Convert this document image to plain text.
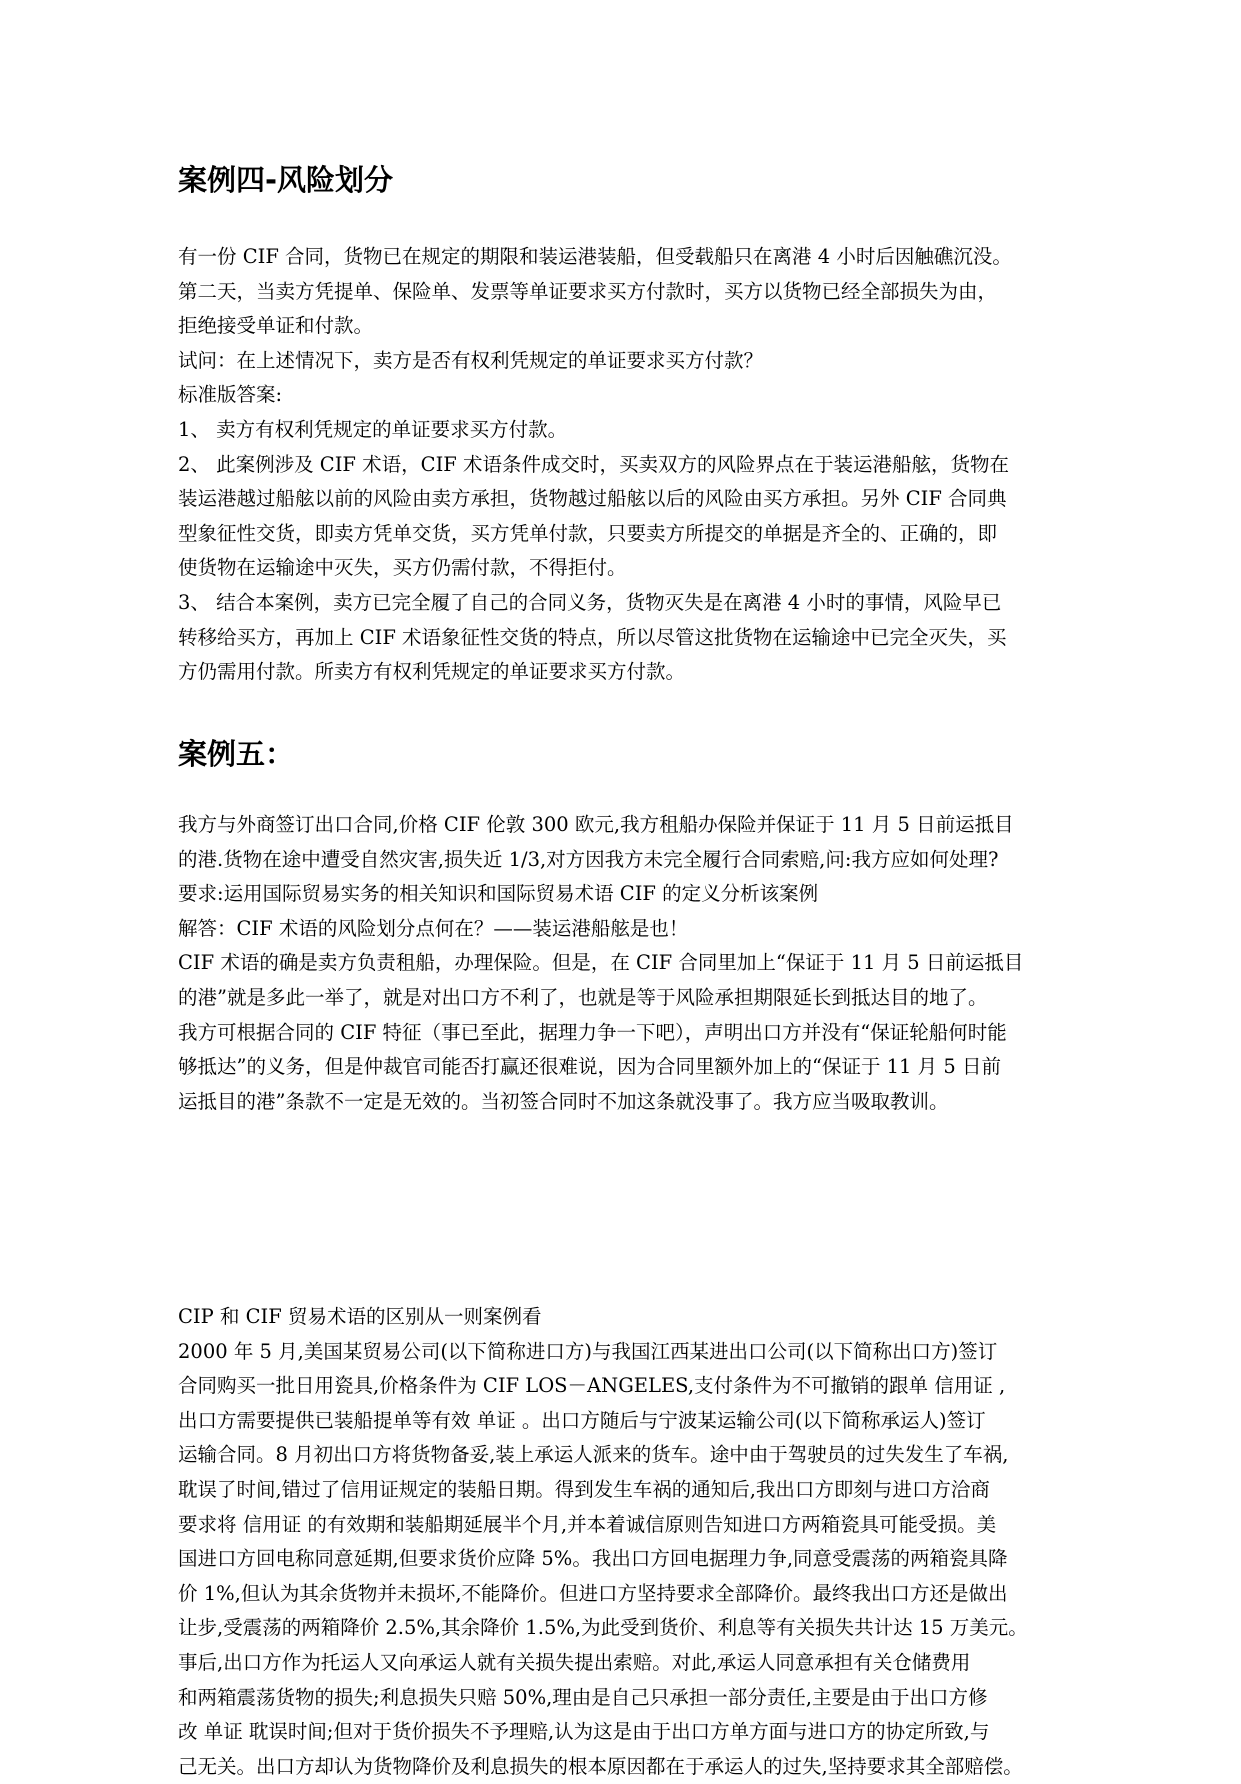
案例四-风险划分

有一份 CIF 合同，货物已在规定的期限和装运港装船，但受载船只在离港 4 小时后因触礁沉没。

第二天，当卖方凭提单、保险单、发票等单证要求买方付款时，买方以货物已经全部损失为由，

拒绝接受单证和付款。

试问：在上述情况下，卖方是否有权利凭规定的单证要求买方付款？

标准版答案:

1、 卖方有权利凭规定的单证要求买方付款。

2、 此案例涉及 CIF 术语，CIF 术语条件成交时，买卖双方的风险界点在于装运港船舷，货物在

装运港越过船舷以前的风险由卖方承担，货物越过船舷以后的风险由买方承担。另外 CIF 合同典

型象征性交货，即卖方凭单交货，买方凭单付款，只要卖方所提交的单据是齐全的、正确的，即

使货物在运输途中灭失，买方仍需付款，不得拒付。

3、 结合本案例，卖方已完全履了自己的合同义务，货物灭失是在离港 4 小时的事情，风险早已

转移给买方，再加上 CIF 术语象征性交货的特点，所以尽管这批货物在运输途中已完全灭失，买

方仍需用付款。所卖方有权利凭规定的单证要求买方付款。

案例五：

我方与外商签订出口合同,价格 CIF 伦敦 300 欧元,我方租船办保险并保证于 11 月 5 日前运抵目

的港.货物在途中遭受自然灾害,损失近 1/3,对方因我方未完全履行合同索赔,问:我方应如何处理?

要求:运用国际贸易实务的相关知识和国际贸易术语 CIF 的定义分析该案例

解答：CIF 术语的风险划分点何在？——装运港船舷是也！

CIF 术语的确是卖方负责租船，办理保险。但是，在 CIF 合同里加上“保证于 11 月 5 日前运抵目

的港”就是多此一举了，就是对出口方不利了，也就是等于风险承担期限延长到抵达目的地了。

我方可根据合同的 CIF 特征（事已至此，据理力争一下吧），声明出口方并没有“保证轮船何时能

够抵达”的义务，但是仲裁官司能否打赢还很难说，因为合同里额外加上的“保证于 11 月 5 日前

运抵目的港”条款不一定是无效的。当初签合同时不加这条就没事了。我方应当吸取教训。

CIP 和 CIF 贸易术语的区别从一则案例看

2000 年 5 月,美国某贸易公司(以下简称进口方)与我国江西某进出口公司(以下简称出口方)签订

合同购买一批日用瓷具,价格条件为 CIF LOS－ANGELES,支付条件为不可撤销的跟单 信用证 ,

出口方需要提供已装船提单等有效 单证 。出口方随后与宁波某运输公司(以下简称承运人)签订

运输合同。8 月初出口方将货物备妥,装上承运人派来的货车。途中由于驾驶员的过失发生了车祸,

耽误了时间,错过了信用证规定的装船日期。得到发生车祸的通知后,我出口方即刻与进口方洽商

要求将 信用证 的有效期和装船期延展半个月,并本着诚信原则告知进口方两箱瓷具可能受损。美

国进口方回电称同意延期,但要求货价应降 5%。我出口方回电据理力争,同意受震荡的两箱瓷具降

价 1%,但认为其余货物并未损坏,不能降价。但进口方坚持要求全部降价。最终我出口方还是做出

让步,受震荡的两箱降价 2.5%,其余降价 1.5%,为此受到货价、利息等有关损失共计达 15 万美元。

事后,出口方作为托运人又向承运人就有关损失提出索赔。对此,承运人同意承担有关仓储费用

和两箱震荡货物的损失;利息损失只赔 50%,理由是自己只承担一部分责任,主要是由于出口方修

改 单证 耽误时间;但对于货价损失不予理赔,认为这是由于出口方单方面与进口方的协定所致,与

己无关。出口方却认为货物降价及利息损失的根本原因都在于承运人的过失,坚持要求其全部赔偿。
